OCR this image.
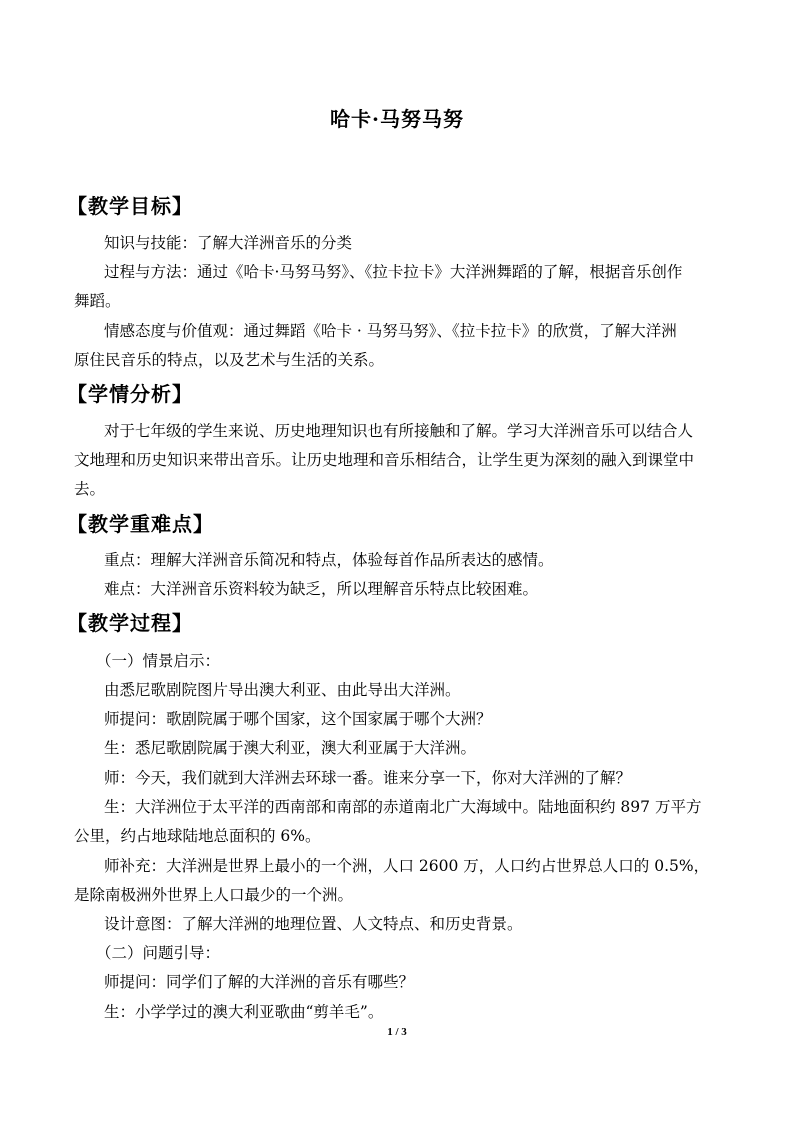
哈卡·马努马努
【教学目标】
知识与技能：了解大洋洲音乐的分类
过程与方法：通过《哈卡·马努马努》、《拉卡拉卡》大洋洲舞蹈的了解，根据音乐创作
舞蹈。
情感态度与价值观：通过舞蹈《哈卡 · 马努马努》、《拉卡拉卡》的欣赏，了解大洋洲
原住民音乐的特点，以及艺术与生活的关系。
【学情分析】
对于七年级的学生来说、历史地理知识也有所接触和了解。学习大洋洲音乐可以结合人
文地理和历史知识来带出音乐。让历史地理和音乐相结合，让学生更为深刻的融入到课堂中
去。
【教学重难点】
重点：理解大洋洲音乐简况和特点，体验每首作品所表达的感情。
难点：大洋洲音乐资料较为缺乏，所以理解音乐特点比较困难。
【教学过程】
（一）情景启示：
由悉尼歌剧院图片导出澳大利亚、由此导出大洋洲。
师提问：歌剧院属于哪个国家，这个国家属于哪个大洲？
生：悉尼歌剧院属于澳大利亚，澳大利亚属于大洋洲。
师：今天，我们就到大洋洲去环球一番。谁来分享一下，你对大洋洲的了解？
生：大洋洲位于太平洋的西南部和南部的赤道南北广大海域中。陆地面积约 897 万平方
公里，约占地球陆地总面积的 6%。
师补充：大洋洲是世界上最小的一个洲，人口 2600 万，人口约占世界总人口的 0.5%，
是除南极洲外世界上人口最少的一个洲。
设计意图：了解大洋洲的地理位置、人文特点、和历史背景。
（二）问题引导：
师提问：同学们了解的大洋洲的音乐有哪些？
生：小学学过的澳大利亚歌曲“剪羊毛”。
1 / 3
